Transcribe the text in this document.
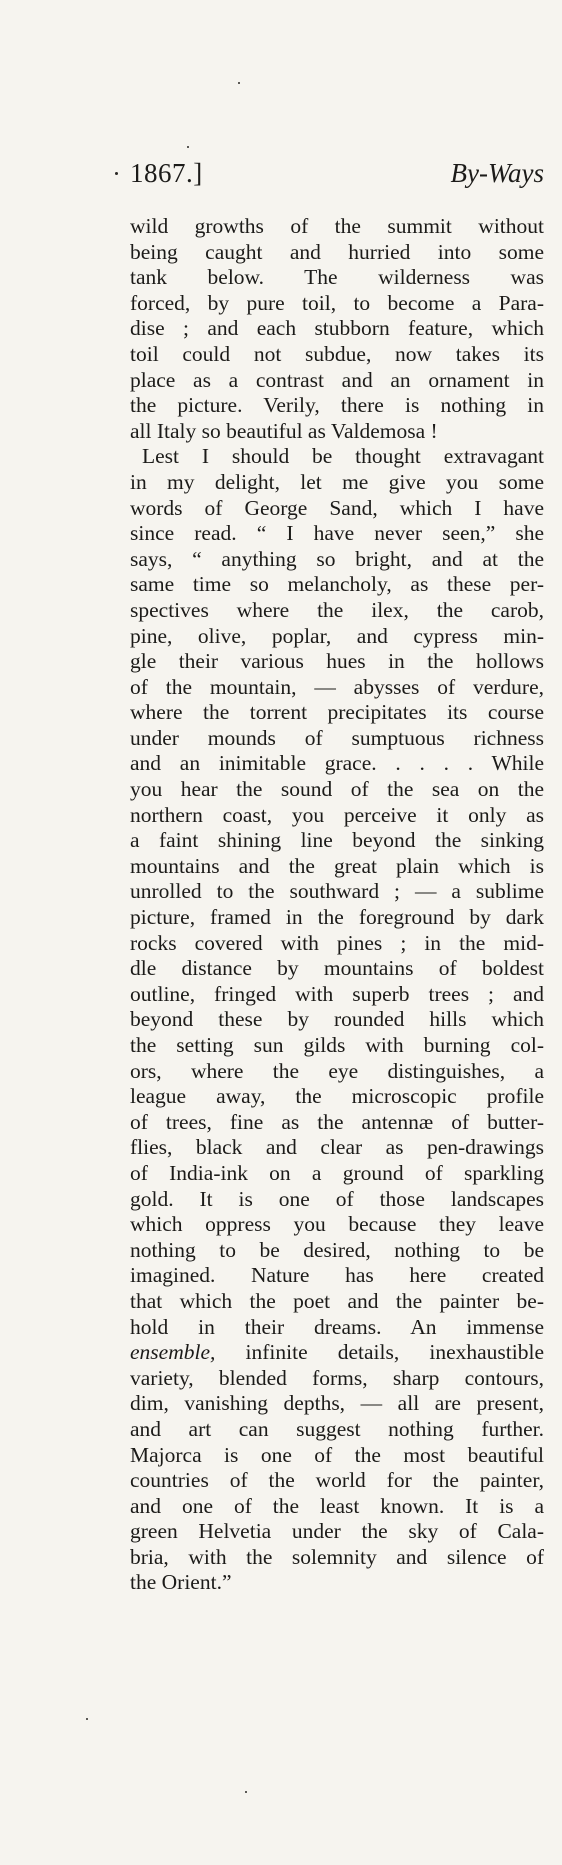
1867.]	By-Ways
wild growths of the summit without
being caught and hurried into some
tank below. The wilderness was
forced, by pure toil, to become a Para-
dise ; and each stubborn feature, which
toil could not subdue, now takes its
place as a contrast and an ornament in
the picture. Verily, there is nothing in
all Italy so beautiful as Valdemosa !
Lest I should be thought extravagant
in my delight, let me give you some
words of George Sand, which I have
since read. “ I have never seen,” she
says, “ anything so bright, and at the
same time so melancholy, as these per-
spectives where the ilex, the carob,
pine, olive, poplar, and cypress min-
gle their various hues in the hollows
of the mountain, — abysses of verdure,
where the torrent precipitates its course
under mounds of sumptuous richness
and an inimitable grace. . . . . While
you hear the sound of the sea on the
northern coast, you perceive it only as
a faint shining line beyond the sinking
mountains and the great plain which is
unrolled to the southward ; — a sublime
picture, framed in the foreground by dark
rocks covered with pines ; in the mid-
dle distance by mountains of boldest
outline, fringed with superb trees ; and
beyond these by rounded hills which
the setting sun gilds with burning col-
ors, where the eye distinguishes, a
league away, the microscopic profile
of trees, fine as the antennæ of butter-
flies, black and clear as pen-drawings
of India-ink on a ground of sparkling
gold. It is one of those landscapes
which oppress you because they leave
nothing to be desired, nothing to be
imagined. Nature has here created
that which the poet and the painter be-
hold in their dreams. An immense
ensemble, infinite details, inexhaustible
variety, blended forms, sharp contours,
dim, vanishing depths, — all are present,
and art can suggest nothing further.
Majorca is one of the most beautiful
countries of the world for the painter,
and one of the least known. It is a
green Helvetia under the sky of Cala-
bria, with the solemnity and silence of
the Orient.”
